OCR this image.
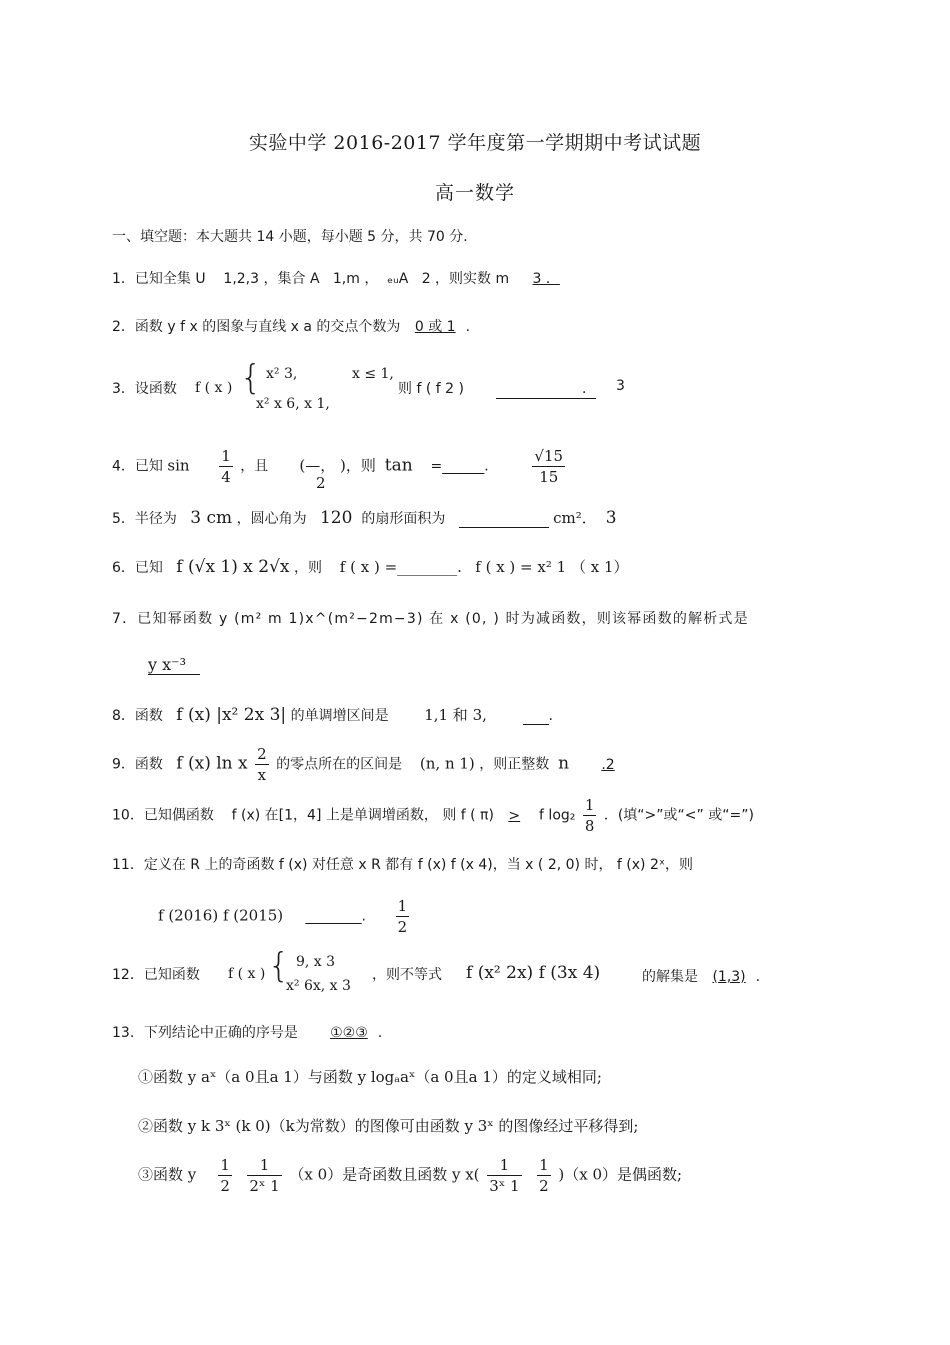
实验中学 2016-2017 学年度第一学期期中考试试题
高一数学
一、填空题：本大题共 14 小题，每小题 5 分，共 70 分．
1．已知全集 U 1,2,3 ，集合 A 1,m ， ₑᵤA 2 ，则实数 m 3 ．
2．函数 y f x 的图象与直线 x a 的交点个数为 0 或 1 .
3．设函数 f ( x ) { x² 3,	x ≤ 1,
x² x 6, x 1,
则 f ( f 2 )	． 3
4．已知 $\sin \frac{1}{4}$ ，且 (—， )，则 tan =______． $\frac{√15}{15}$
2
5．半径为 3 cm ，圆心角为 120 的扇形面积为	cm²． 3
6．已知 f (√x 1) x 2√x ，则 f ( x ) =________. f ( x ) = x² 1 （ x 1）
7．已知幂函数 y (m² m 1)x^(m²−2m−3) 在 x (0, ) 时为减函数，则该幂函数的解析式是
y x⁻³
8．函数 f (x) |x² 2x 3| 的单调增区间是 1,1 和 3,	.
9．函数 f (x) ln x $\frac{2}{x}$ 的零点所在的区间是 (n, n 1) ，则正整数 n .2
10．已知偶函数 f (x) 在[1，4] 上是单调增函数， 则 f ( π) > f $\log_2 \frac{1}{8}$ ．(填“>”或“<” 或“=”)
11．定义在 R 上的奇函数 f (x) 对任意 x R 都有 f (x) f (x 4)，当 x ( 2, 0) 时， f (x) 2ˣ，则
f (2016) f (2015) ________. $\frac{1}{2}$
12．已知函数 f ( x ) { 9, x 3
x² 6x, x 3
，则不等式 f (x² 2x) f (3x 4)	的解集是 (1,3) .
13．下列结论中正确的序号是 ①②③ .
①函数 y aˣ（a 0且a 1）与函数 y logₐaˣ（a 0且a 1）的定义域相同;
②函数 y k 3ˣ (k 0)（k为常数）的图像可由函数 y 3ˣ 的图像经过平移得到;
③函数 y $\frac{1}{2}$
$\frac{1}{\text{2ˣ 1}} (x$ 0）是奇函数且函数 y $x( \frac{1}{\text{3ˣ 1}}$
$\frac{1}{2} )(x$ 0）是偶函数;
